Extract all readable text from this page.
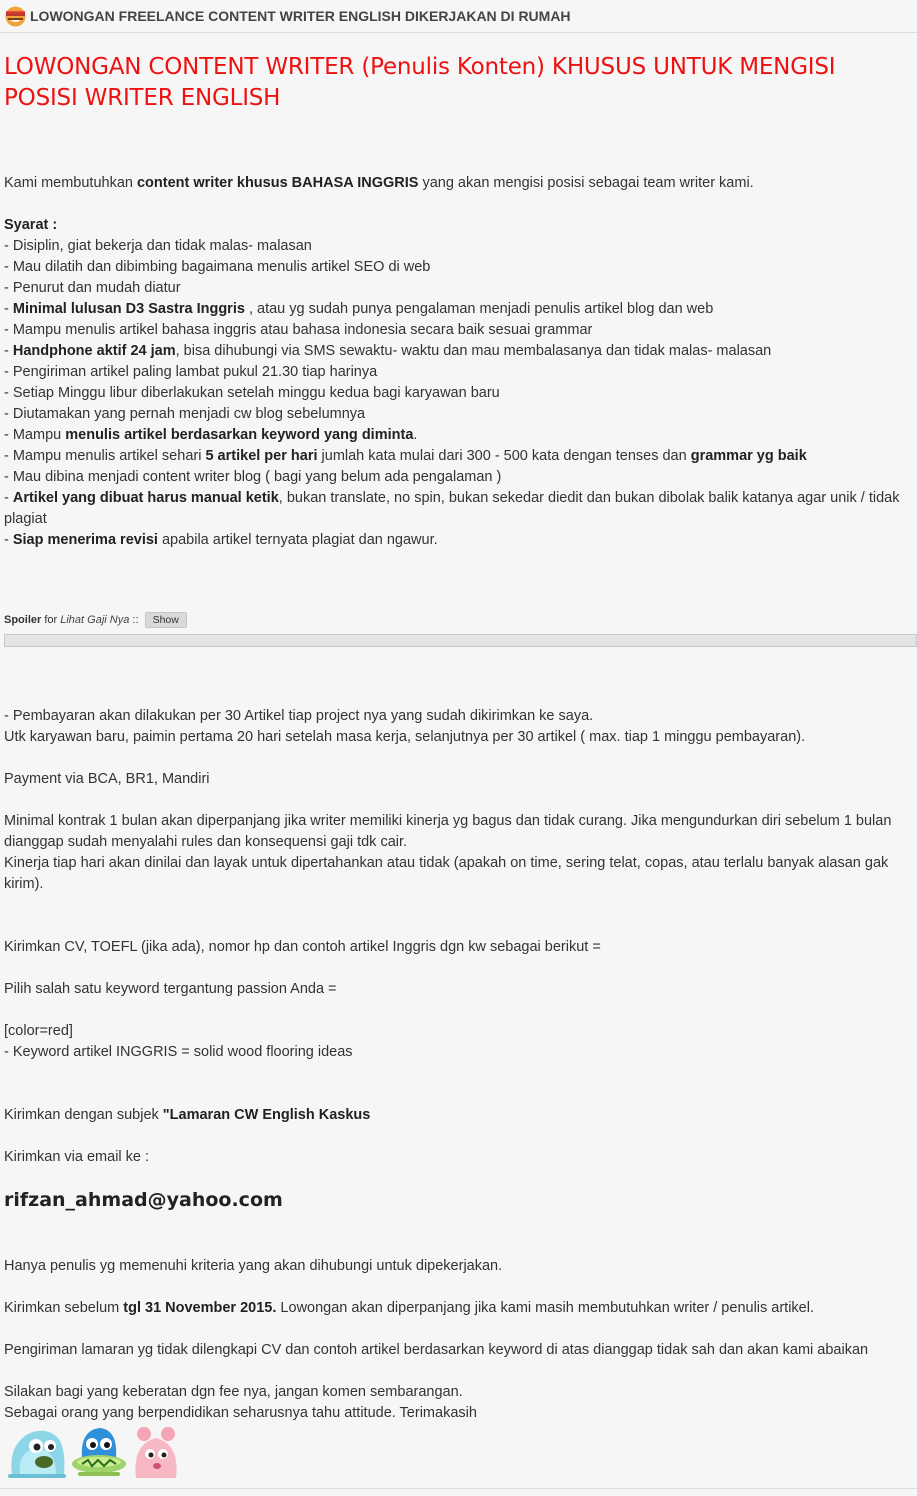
LOWONGAN FREELANCE CONTENT WRITER ENGLISH DIKERJAKAN DI RUMAH
LOWONGAN CONTENT WRITER (Penulis Konten) KHUSUS UNTUK MENGISI
POSISI WRITER ENGLISH
Kami membutuhkan content writer khusus BAHASA INGGRIS yang akan mengisi posisi sebagai team writer kami.
Syarat :
- Disiplin, giat bekerja dan tidak malas- malasan
- Mau dilatih dan dibimbing bagaimana menulis artikel SEO di web
- Penurut dan mudah diatur
- Minimal lulusan D3 Sastra Inggris , atau yg sudah punya pengalaman menjadi penulis artikel blog dan web
- Mampu menulis artikel bahasa inggris atau bahasa indonesia secara baik sesuai grammar
- Handphone aktif 24 jam, bisa dihubungi via SMS sewaktu- waktu dan mau membalasanya dan tidak malas- malasan
- Pengiriman artikel paling lambat pukul 21.30 tiap harinya
- Setiap Minggu libur diberlakukan setelah minggu kedua bagi karyawan baru
- Diutamakan yang pernah menjadi cw blog sebelumnya
- Mampu menulis artikel berdasarkan keyword yang diminta.
- Mampu menulis artikel sehari 5 artikel per hari jumlah kata mulai dari 300 - 500 kata dengan tenses dan grammar yg baik
- Mau dibina menjadi content writer blog ( bagi yang belum ada pengalaman )
- Artikel yang dibuat harus manual ketik, bukan translate, no spin, bukan sekedar diedit dan bukan dibolak balik katanya agar unik / tidak plagiat
- Siap menerima revisi apabila artikel ternyata plagiat dan ngawur.
Spoiler for Lihat Gaji Nya :: Show
- Pembayaran akan dilakukan per 30 Artikel tiap project nya yang sudah dikirimkan ke saya.
Utk karyawan baru, paimin pertama 20 hari setelah masa kerja, selanjutnya per 30 artikel ( max. tiap 1 minggu pembayaran).
Payment via BCA, BR1, Mandiri
Minimal kontrak 1 bulan akan diperpanjang jika writer memiliki kinerja yg bagus dan tidak curang. Jika mengundurkan diri sebelum 1 bulan dianggap sudah menyalahi rules dan konsequensi gaji tdk cair.
Kinerja tiap hari akan dinilai dan layak untuk dipertahankan atau tidak (apakah on time, sering telat, copas, atau terlalu banyak alasan gak kirim).
Kirimkan CV, TOEFL (jika ada), nomor hp dan contoh artikel Inggris dgn kw sebagai berikut =
Pilih salah satu keyword tergantung passion Anda =
[color=red]
- Keyword artikel INGGRIS = solid wood flooring ideas
Kirimkan dengan subjek "Lamaran CW English Kaskus
Kirimkan via email ke :
rifzan_ahmad@yahoo.com
Hanya penulis yg memenuhi kriteria yang akan dihubungi untuk dipekerjakan.
Kirimkan sebelum tgl 31 November 2015. Lowongan akan diperpanjang jika kami masih membutuhkan writer / penulis artikel.
Pengiriman lamaran yg tidak dilengkapi CV dan contoh artikel berdasarkan keyword di atas dianggap tidak sah dan akan kami abaikan
Silakan bagi yang keberatan dgn fee nya, jangan komen sembarangan.
Sebagai orang yang berpendidikan seharusnya tahu attitude. Terimakasih
